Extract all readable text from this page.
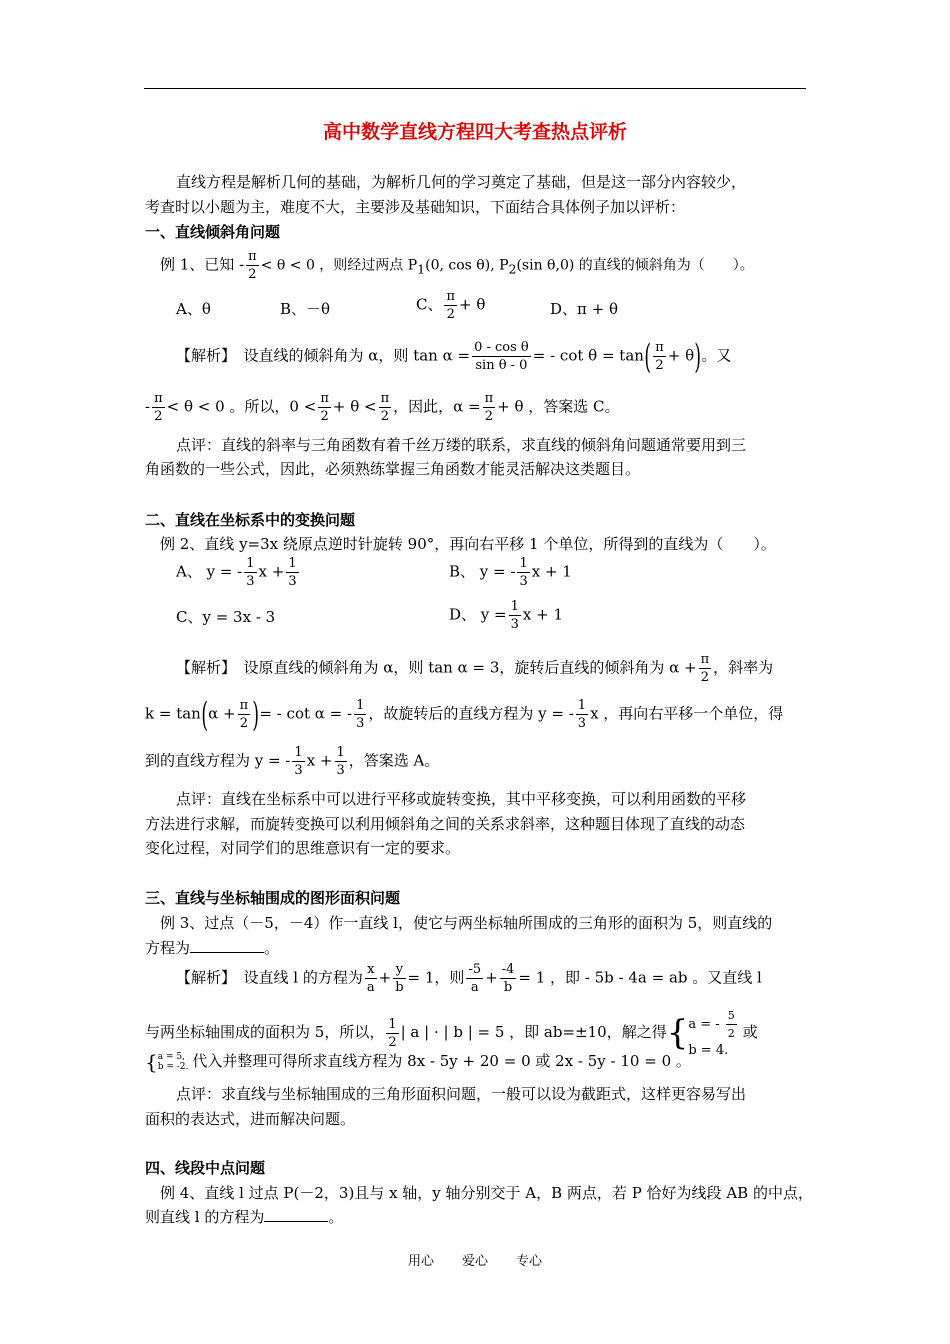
高中数学直线方程四大考查热点评析
直线方程是解析几何的基础，为解析几何的学习奠定了基础，但是这一部分内容较少，
考查时以小题为主，难度不大，主要涉及基础知识，下面结合具体例子加以评析：
一、直线倾斜角问题
例 1、已知 - $\frac{\pi}{2} < \theta < 0$ ，则经过两点 $P_1(0$, cos θ), $P_2(\sin$ θ,0) 的直线的倾斜角为（　　）。
A、θ	B、－θ	C、 $\frac{\pi}{2} + \theta$	D、π + θ
【解析】　 设直线的倾斜角为 α，则 $\tan \alpha = \frac{\text{0 - cos θ}}{\text{sin θ - 0}}$ = - $\cot \theta = \tan( \frac{\pi}{2} + \theta)$。又
- $\frac{\pi}{2} < \theta < 0$ 。所以，$0 < \frac{\pi}{2} + \theta < \frac{\pi}{2}$ ，因此，$\alpha = \frac{\pi}{2} + \theta$ ，答案选 C。
点评：直线的斜率与三角函数有着千丝万缕的联系，求直线的倾斜角问题通常要用到三
角函数的一些公式，因此，必须熟练掌握三角函数才能灵活解决这类题目。
二、直线在坐标系中的变换问题
例 2、直线 y=3x 绕原点逆时针旋转 90°，再向右平移 1 个单位，所得到的直线为（　　）。
A、 y = - $\frac{1}{3}$ $x + \frac{1}{3}$	B、 y = - $\frac{1}{3}$ x + 1
C、y = 3x - 3	D、 $y = \frac{1}{3}$ x + 1
【解析】　 设原直线的倾斜角为 α，则 tan α = 3，旋转后直线的倾斜角为 $\alpha + \frac{\pi}{2}$ ，斜率为
$k = \tan(\alpha + \frac{\pi}{2}$ )= - cot α = - $\frac{1}{3}$ ，故旋转后的直线方程为 y = - $\frac{1}{3}$ x ，再向右平移一个单位，得
到的直线方程为 y = - $\frac{1}{3}$ $x + \frac{1}{3}$ ，答案选 A。
点评：直线在坐标系中可以进行平移或旋转变换，其中平移变换，可以利用函数的平移
方法进行求解，而旋转变换可以利用倾斜角之间的关系求斜率，这种题目体现了直线的动态
变化过程，对同学们的思维意识有一定的要求。
三、直线与坐标轴围成的图形面积问题
例 3、过点（－5，－4）作一直线 l，使它与两坐标轴所围成的三角形的面积为 5，则直线的
方程为	。
【解析】　 设直线 l 的方程为 $\frac{x}{a} + \frac{y}{b} = 1$，则 $\frac{-5}{a} + \frac{-4}{b} = 1$ ，即 - 5b - 4a = ab 。又直线 l
与两坐标轴围成的面积为 5，所以， $\frac{1}{2}$ | a | · | b | = 5 ，即 ab=±10，解之得{ a = - $\frac{5}{2}$
b = 4.
或
{ a = 5,
b = -2. 代入并整理可得所求直线方程为 8x - 5y + 20 = 0 或 2x - 5y - 10 = 0 。
点评：求直线与坐标轴围成的三角形面积问题，一般可以设为截距式，这样更容易写出
面积的表达式，进而解决问题。
四、线段中点问题
例 4、直线 l 过点 P(－2，3)且与 x 轴，y 轴分别交于 A，B 两点，若 P 恰好为线段 AB 的中点，
则直线 l 的方程为	。
用心 爱心 专心
